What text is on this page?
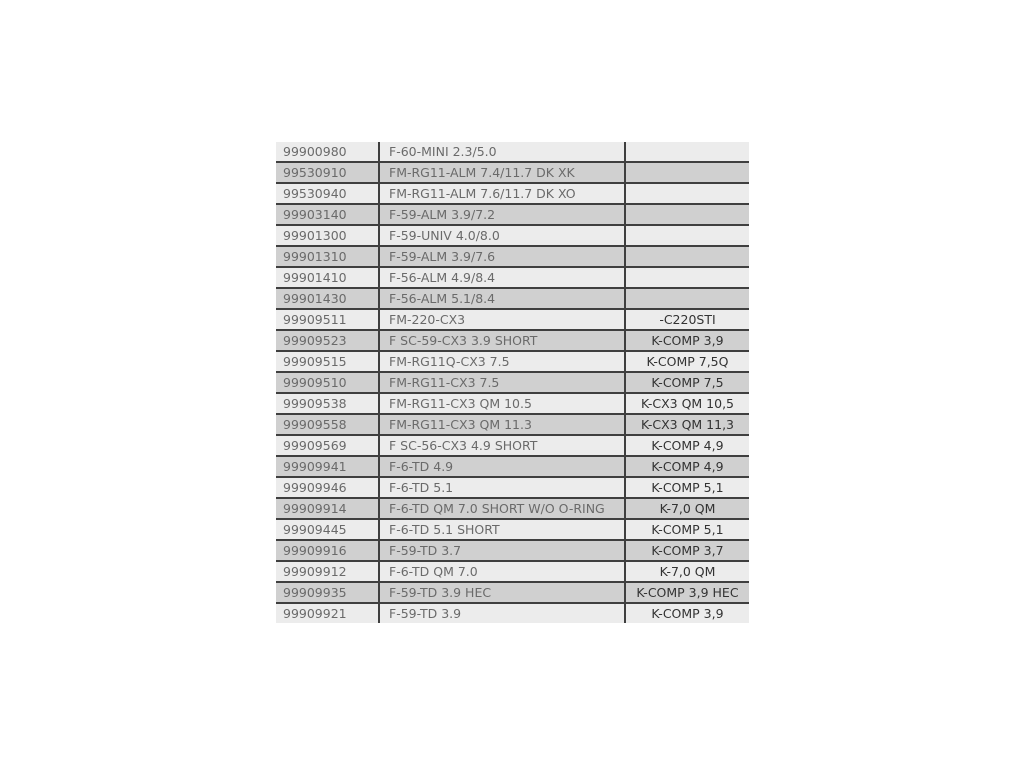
99900980	F-60-MINI 2.3/5.0
99530910	FM-RG11-ALM 7.4/11.7 DK XK
99530940	FM-RG11-ALM 7.6/11.7 DK XO
99903140	F-59-ALM 3.9/7.2
99901300	F-59-UNIV 4.0/8.0
99901310	F-59-ALM 3.9/7.6
99901410	F-56-ALM 4.9/8.4
99901430	F-56-ALM 5.1/8.4
99909511	FM-220-CX3	-C220STI
99909523	F SC-59-CX3 3.9 SHORT	K-COMP 3,9
99909515	FM-RG11Q-CX3 7.5	K-COMP 7,5Q
99909510	FM-RG11-CX3 7.5	K-COMP 7,5
99909538	FM-RG11-CX3 QM 10.5	K-CX3 QM 10,5
99909558	FM-RG11-CX3 QM 11.3	K-CX3 QM 11,3
99909569	F SC-56-CX3 4.9 SHORT	K-COMP 4,9
99909941	F-6-TD 4.9	K-COMP 4,9
99909946	F-6-TD 5.1	K-COMP 5,1
99909914	F-6-TD QM 7.0 SHORT W/O O-RING	K-7,0 QM
99909445	F-6-TD 5.1 SHORT	K-COMP 5,1
99909916	F-59-TD 3.7	K-COMP 3,7
99909912	F-6-TD QM 7.0	K-7,0 QM
99909935	F-59-TD 3.9 HEC	K-COMP 3,9 HEC
99909921	F-59-TD 3.9	K-COMP 3,9
